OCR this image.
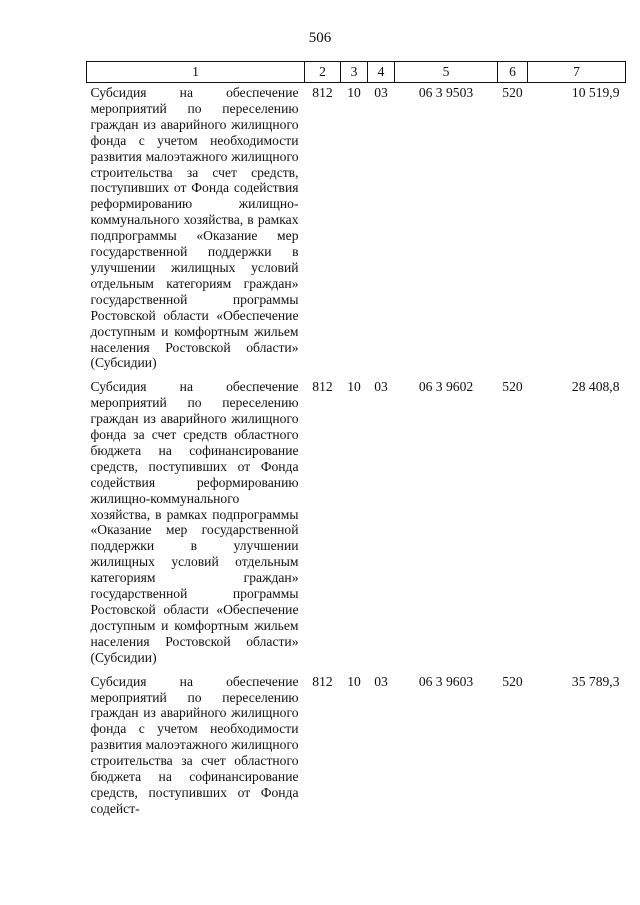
506
1	2	3	4	5	6	7
Субсидия на обеспечение мероприятий по переселению граждан из аварийного жилищного фонда с учетом необходимости развития малоэтажного жилищного строительства за счет средств, поступивших от Фонда содействия реформированию жилищно-коммунального хозяйства, в рамках подпрограммы «Оказание мер государственной поддержки в улучшении жилищных условий отдельным категориям граждан» государственной программы Ростовской области «Обеспечение доступным и комфортным жильем населения Ростовской области» (Субсидии)	812	10	03	06 3 9503	520	10 519,9
Субсидия на обеспечение мероприятий по переселению граждан из аварийного жилищного фонда за счет средств областного бюджета на софинансирование средств, поступивших от Фонда содействия реформированию жилищно-коммунального хозяйства, в рамках подпрограммы «Оказание мер государственной поддержки в улучшении жилищных условий отдельным категориям граждан» государственной программы Ростовской области «Обеспечение доступным и комфортным жильем населения Ростовской области» (Субсидии)	812	10	03	06 3 9602	520	28 408,8
Субсидия на обеспечение мероприятий по переселению граждан из аварийного жилищного фонда с учетом необходимости развития малоэтажного жилищного строительства за счет областного бюджета на софинансирование средств, поступивших от Фонда содейст-	812	10	03	06 3 9603	520	35 789,3
